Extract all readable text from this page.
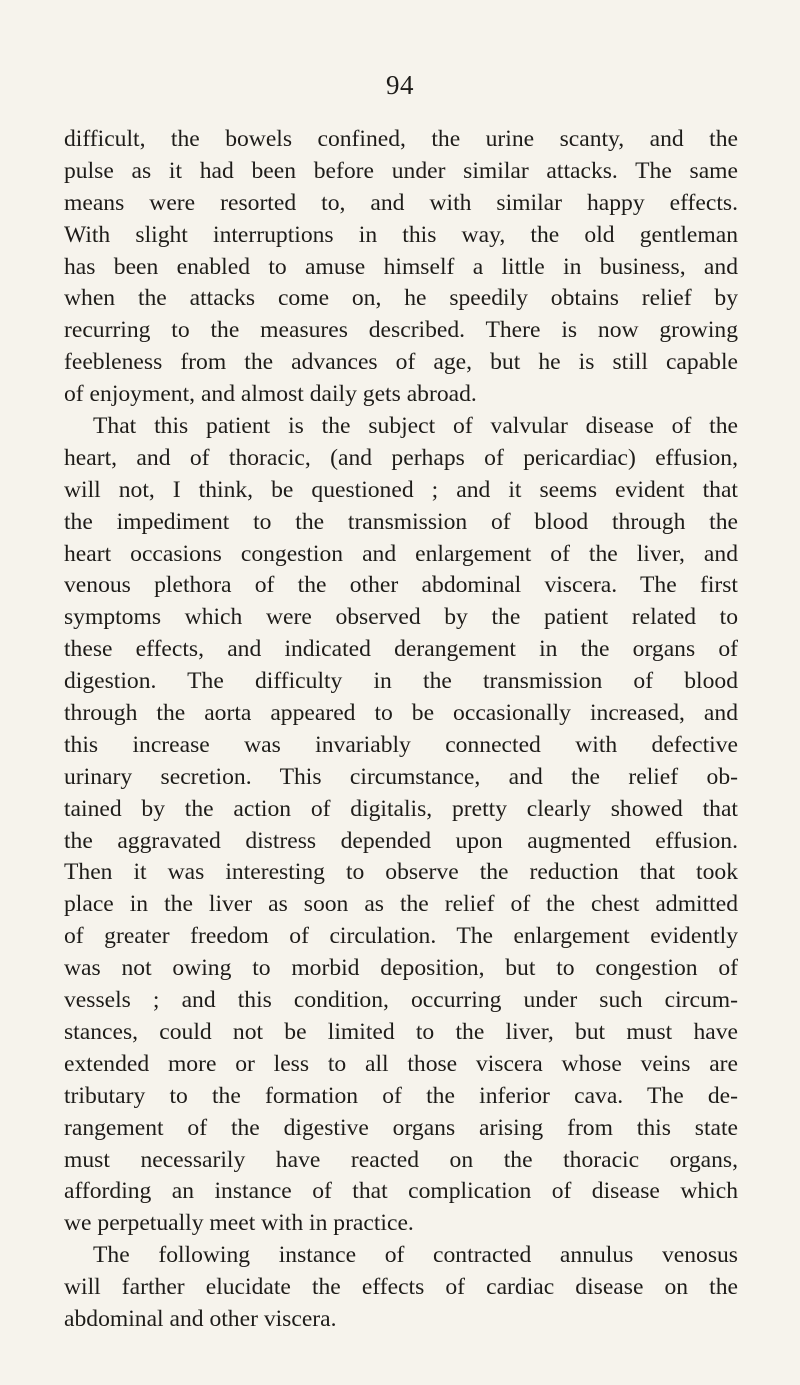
94
difficult, the bowels confined, the urine scanty, and the
pulse as it had been before under similar attacks. The same
means were resorted to, and with similar happy effects.
With slight interruptions in this way, the old gentleman
has been enabled to amuse himself a little in business, and
when the attacks come on, he speedily obtains relief by
recurring to the measures described. There is now growing
feebleness from the advances of age, but he is still capable
of enjoyment, and almost daily gets abroad.
That this patient is the subject of valvular disease of the
heart, and of thoracic, (and perhaps of pericardiac) effusion,
will not, I think, be questioned ; and it seems evident that
the impediment to the transmission of blood through the
heart occasions congestion and enlargement of the liver, and
venous plethora of the other abdominal viscera. The first
symptoms which were observed by the patient related to
these effects, and indicated derangement in the organs of
digestion. The difficulty in the transmission of blood
through the aorta appeared to be occasionally increased, and
this increase was invariably connected with defective
urinary secretion. This circumstance, and the relief ob-
tained by the action of digitalis, pretty clearly showed that
the aggravated distress depended upon augmented effusion.
Then it was interesting to observe the reduction that took
place in the liver as soon as the relief of the chest admitted
of greater freedom of circulation. The enlargement evidently
was not owing to morbid deposition, but to congestion of
vessels ; and this condition, occurring under such circum-
stances, could not be limited to the liver, but must have
extended more or less to all those viscera whose veins are
tributary to the formation of the inferior cava. The de-
rangement of the digestive organs arising from this state
must necessarily have reacted on the thoracic organs,
affording an instance of that complication of disease which
we perpetually meet with in practice.
The following instance of contracted annulus venosus
will farther elucidate the effects of cardiac disease on the
abdominal and other viscera.
